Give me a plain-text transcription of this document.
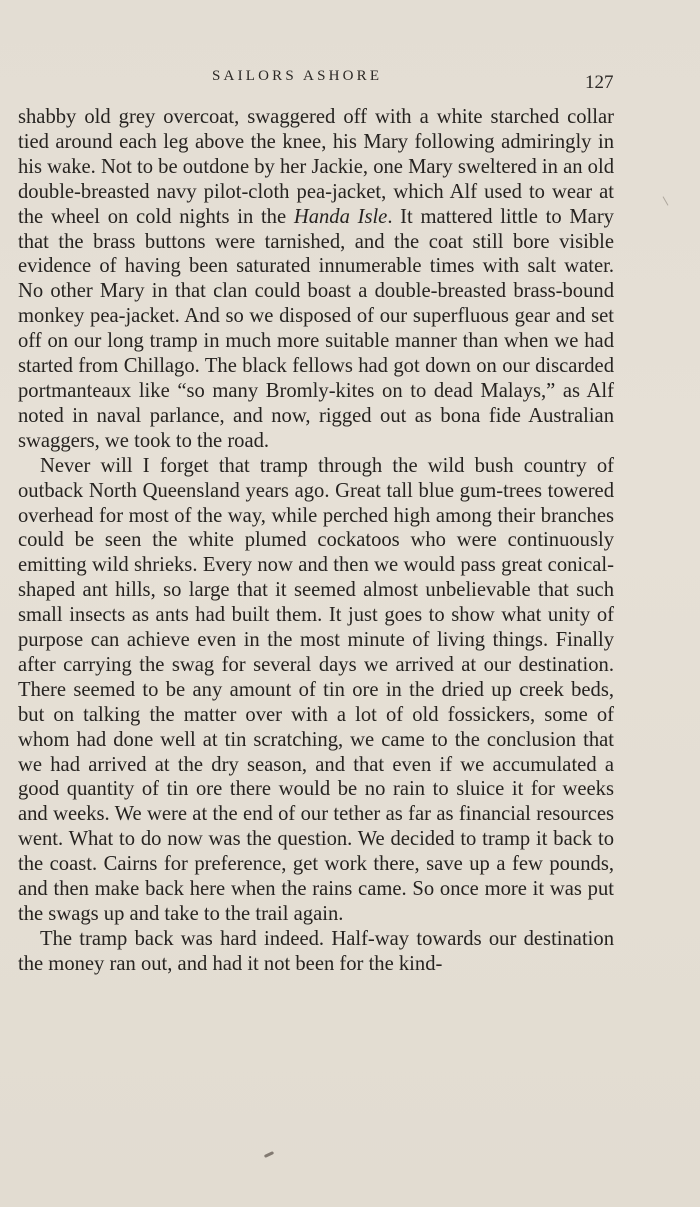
SAILORS ASHORE	127

shabby old grey overcoat, swaggered off with a white starched collar tied around each leg above the knee, his Mary following admiringly in his wake. Not to be outdone by her Jackie, one Mary sweltered in an old double-breasted navy pilot-cloth pea-jacket, which Alf used to wear at the wheel on cold nights in the Handa Isle. It mattered little to Mary that the brass buttons were tarnished, and the coat still bore visible evidence of having been saturated innumerable times with salt water. No other Mary in that clan could boast a double-breasted brass-bound monkey pea-jacket. And so we disposed of our superfluous gear and set off on our long tramp in much more suitable manner than when we had started from Chillago. The black fellows had got down on our discarded portmanteaux like “so many Bromly-kites on to dead Malays,” as Alf noted in naval parlance, and now, rigged out as bona fide Australian swaggers, we took to the road.

Never will I forget that tramp through the wild bush country of outback North Queensland years ago. Great tall blue gum-trees towered overhead for most of the way, while perched high among their branches could be seen the white plumed cockatoos who were continuously emitting wild shrieks. Every now and then we would pass great conical-shaped ant hills, so large that it seemed almost unbelievable that such small insects as ants had built them. It just goes to show what unity of purpose can achieve even in the most minute of living things. Finally after carrying the swag for several days we arrived at our destination. There seemed to be any amount of tin ore in the dried up creek beds, but on talking the matter over with a lot of old fossickers, some of whom had done well at tin scratching, we came to the conclusion that we had arrived at the dry season, and that even if we accumulated a good quantity of tin ore there would be no rain to sluice it for weeks and weeks. We were at the end of our tether as far as financial resources went. What to do now was the question. We decided to tramp it back to the coast. Cairns for preference, get work there, save up a few pounds, and then make back here when the rains came. So once more it was put the swags up and take to the trail again.

The tramp back was hard indeed. Half-way towards our destination the money ran out, and had it not been for the kind-
